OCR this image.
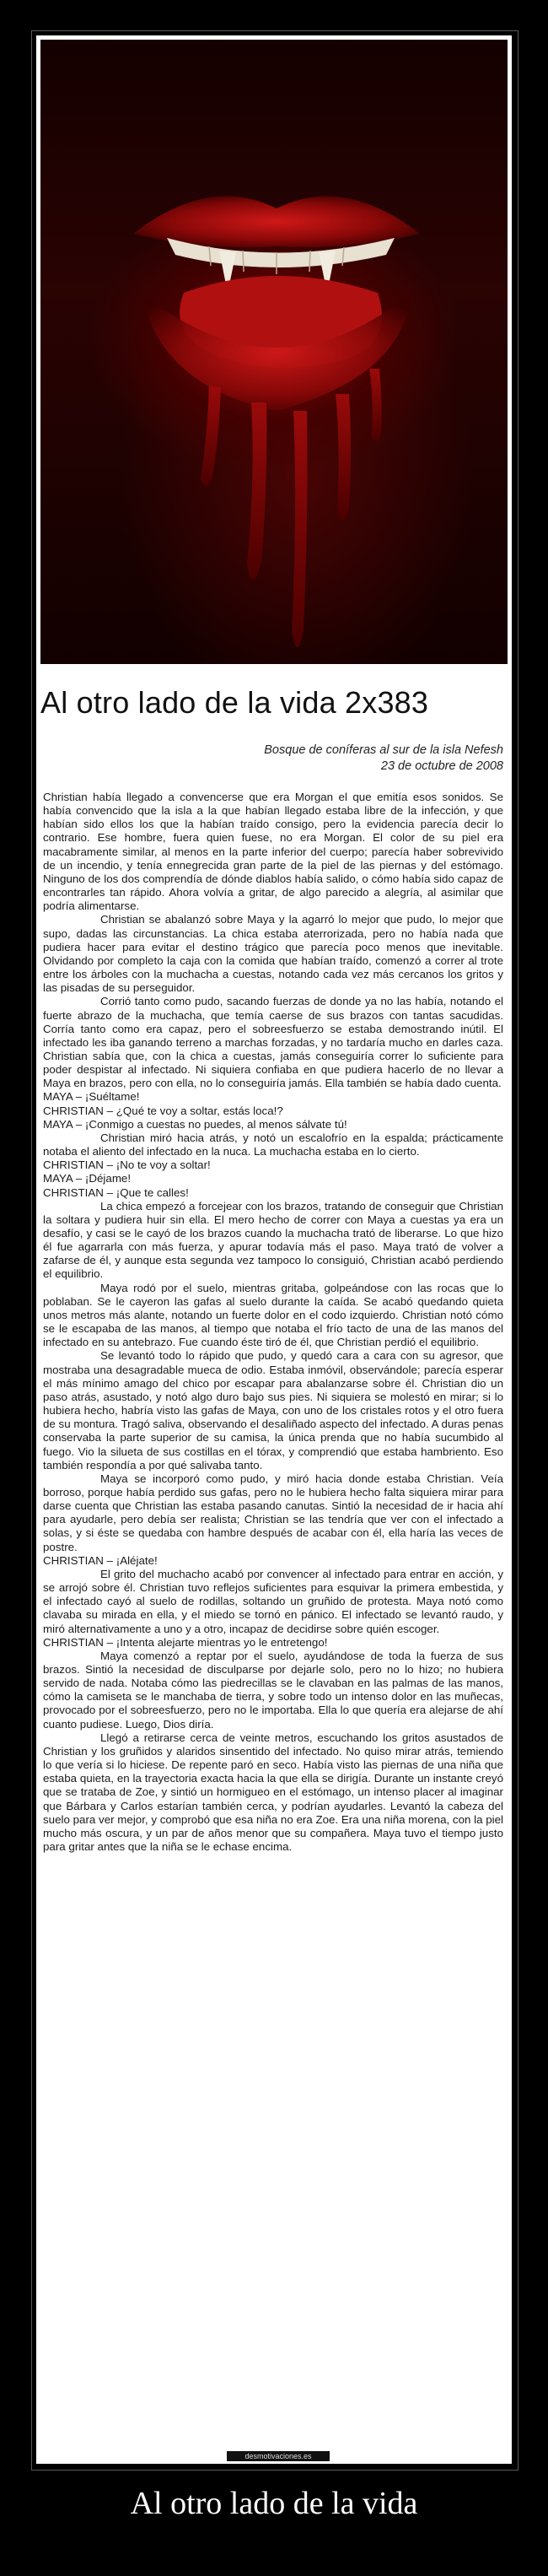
Al otro lado de la vida 2x383
Bosque de coníferas al sur de la isla Nefesh
23 de octubre de 2008

Christian había llegado a convencerse que era Morgan el que emitía esos sonidos. Se había convencido que la isla a la que habían llegado estaba libre de la infección, y que habían sido ellos los que la habían traído consigo, pero la evidencia parecía decir lo contrario. Ese hombre, fuera quien fuese, no era Morgan. El color de su piel era macabramente similar, al menos en la parte inferior del cuerpo; parecía haber sobrevivido de un incendio, y tenía ennegrecida gran parte de la piel de las piernas y del estómago. Ninguno de los dos comprendía de dónde diablos había salido, o cómo había sido capaz de encontrarles tan rápido. Ahora volvía a gritar, de algo parecido a alegría, al asimilar que podría alimentarse.

Christian se abalanzó sobre Maya y la agarró lo mejor que pudo, lo mejor que supo, dadas las circunstancias. La chica estaba aterrorizada, pero no había nada que pudiera hacer para evitar el destino trágico que parecía poco menos que inevitable. Olvidando por completo la caja con la comida que habían traído, comenzó a correr al trote entre los árboles con la muchacha a cuestas, notando cada vez más cercanos los gritos y las pisadas de su perseguidor.

Corrió tanto como pudo, sacando fuerzas de donde ya no las había, notando el fuerte abrazo de la muchacha, que temía caerse de sus brazos con tantas sacudidas. Corría tanto como era capaz, pero el sobreesfuerzo se estaba demostrando inútil. El infectado les iba ganando terreno a marchas forzadas, y no tardaría mucho en darles caza. Christian sabía que, con la chica a cuestas, jamás conseguiría correr lo suficiente para poder despistar al infectado. Ni siquiera confiaba en que pudiera hacerlo de no llevar a Maya en brazos, pero con ella, no lo conseguiría jamás. Ella también se había dado cuenta.

MAYA – ¡Suéltame!

CHRISTIAN – ¿Qué te voy a soltar, estás loca!?

MAYA – ¡Conmigo a cuestas no puedes, al menos sálvate tú!

Christian miró hacia atrás, y notó un escalofrío en la espalda; prácticamente notaba el aliento del infectado en la nuca. La muchacha estaba en lo cierto.

CHRISTIAN – ¡No te voy a soltar!

MAYA – ¡Déjame!

CHRISTIAN – ¡Que te calles!

La chica empezó a forcejear con los brazos, tratando de conseguir que Christian la soltara y pudiera huir sin ella. El mero hecho de correr con Maya a cuestas ya era un desafío, y casi se le cayó de los brazos cuando la muchacha trató de liberarse. Lo que hizo él fue agarrarla con más fuerza, y apurar todavía más el paso. Maya trató de volver a zafarse de él, y aunque esta segunda vez tampoco lo consiguió, Christian acabó perdiendo el equilibrio.

Maya rodó por el suelo, mientras gritaba, golpeándose con las rocas que lo poblaban. Se le cayeron las gafas al suelo durante la caída. Se acabó quedando quieta unos metros más alante, notando un fuerte dolor en el codo izquierdo. Christian notó cómo se le escapaba de las manos, al tiempo que notaba el frío tacto de una de las manos del infectado en su antebrazo. Fue cuando éste tiró de él, que Christian perdió el equilibrio.

Se levantó todo lo rápido que pudo, y quedó cara a cara con su agresor, que mostraba una desagradable mueca de odio. Estaba inmóvil, observándole; parecía esperar el más mínimo amago del chico por escapar para abalanzarse sobre él. Christian dio un paso atrás, asustado, y notó algo duro bajo sus pies. Ni siquiera se molestó en mirar; si lo hubiera hecho, habría visto las gafas de Maya, con uno de los cristales rotos y el otro fuera de su montura. Tragó saliva, observando el desaliñado aspecto del infectado. A duras penas conservaba la parte superior de su camisa, la única prenda que no había sucumbido al fuego. Vio la silueta de sus costillas en el tórax, y comprendió que estaba hambriento. Eso también respondía a por qué salivaba tanto.

Maya se incorporó como pudo, y miró hacia donde estaba Christian. Veía borroso, porque había perdido sus gafas, pero no le hubiera hecho falta siquiera mirar para darse cuenta que Christian las estaba pasando canutas. Sintió la necesidad de ir hacia ahí para ayudarle, pero debía ser realista; Christian se las tendría que ver con el infectado a solas, y si éste se quedaba con hambre después de acabar con él, ella haría las veces de postre.

CHRISTIAN – ¡Aléjate!

El grito del muchacho acabó por convencer al infectado para entrar en acción, y se arrojó sobre él. Christian tuvo reflejos suficientes para esquivar la primera embestida, y el infectado cayó al suelo de rodillas, soltando un gruñido de protesta. Maya notó como clavaba su mirada en ella, y el miedo se tornó en pánico. El infectado se levantó raudo, y miró alternativamente a uno y a otro, incapaz de decidirse sobre quién escoger.

CHRISTIAN – ¡Intenta alejarte mientras yo le entretengo!

Maya comenzó a reptar por el suelo, ayudándose de toda la fuerza de sus brazos. Sintió la necesidad de disculparse por dejarle solo, pero no lo hizo; no hubiera servido de nada. Notaba cómo las piedrecillas se le clavaban en las palmas de las manos, cómo la camiseta se le manchaba de tierra, y sobre todo un intenso dolor en las muñecas, provocado por el sobreesfuerzo, pero no le importaba. Ella lo que quería era alejarse de ahí cuanto pudiese. Luego, Dios diría.

Llegó a retirarse cerca de veinte metros, escuchando los gritos asustados de Christian y los gruñidos y alaridos sinsentido del infectado. No quiso mirar atrás, temiendo lo que vería si lo hiciese. De repente paró en seco. Había visto las piernas de una niña que estaba quieta, en la trayectoria exacta hacia la que ella se dirigía. Durante un instante creyó que se trataba de Zoe, y sintió un hormigueo en el estómago, un intenso placer al imaginar que Bárbara y Carlos estarían también cerca, y podrían ayudarles. Levantó la cabeza del suelo para ver mejor, y comprobó que esa niña no era Zoe. Era una niña morena, con la piel mucho más oscura, y un par de años menor que su compañera. Maya tuvo el tiempo justo para gritar antes que la niña se le echase encima.

desmotivaciones.es
Al otro lado de la vida
